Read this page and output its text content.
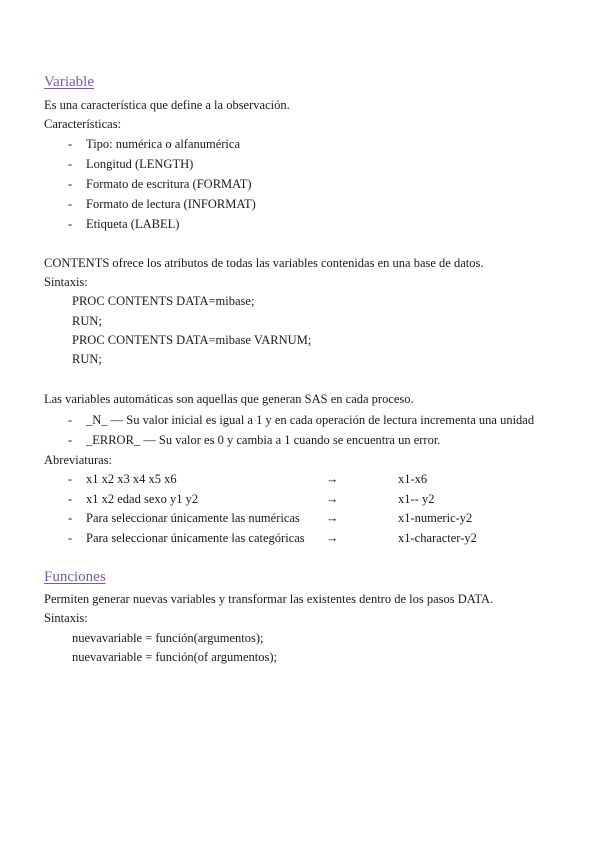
Variable
Es una característica que define a la observación.
Características:
- Tipo: numérica o alfanumérica
- Longitud (LENGTH)
- Formato de escritura (FORMAT)
- Formato de lectura (INFORMAT)
- Etiqueta (LABEL)
CONTENTS ofrece los atributos de todas las variables contenidas en una base de datos.
Sintaxis:
PROC CONTENTS DATA=mibase;
RUN;
PROC CONTENTS DATA=mibase VARNUM;
RUN;
Las variables automáticas son aquellas que generan SAS en cada proceso.
- _N_ — Su valor inicial es igual a 1 y en cada operación de lectura incrementa una unidad
- _ERROR_ — Su valor es 0 y cambia a 1 cuando se encuentra un error.
Abreviaturas:
- x1 x2 x3 x4 x5 x6	→	x1-x6
- x1 x2 edad sexo y1 y2	→	x1-- y2
- Para seleccionar únicamente las numéricas →	x1-numeric-y2
- Para seleccionar únicamente las categóricas →	x1-character-y2
Funciones
Permiten generar nuevas variables y transformar las existentes dentro de los pasos DATA.
Sintaxis:
nuevavariable = función(argumentos);
nuevavariable = función(of argumentos);
